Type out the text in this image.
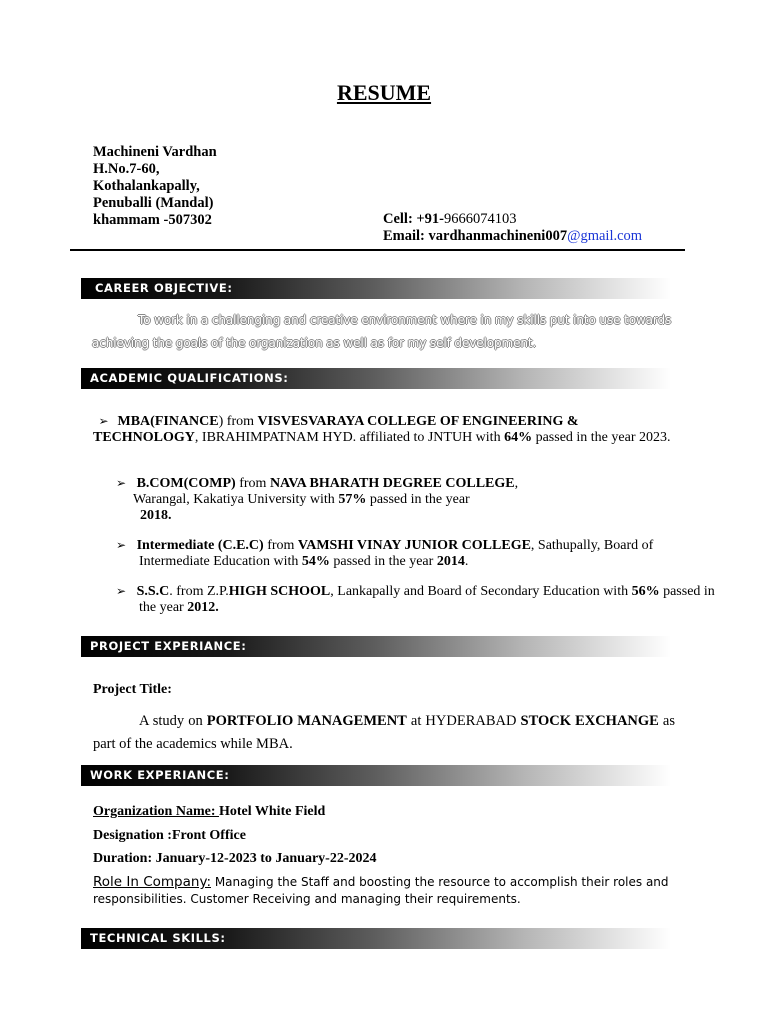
RESUME
Machineni Vardhan
H.No.7-60,
Kothalankapally,
Penuballi (Mandal)
khammam -507302	Cell: +91-9666074103
Email: vardhanmachineni007@gmail.com
CAREER OBJECTIVE:
To work in a challenging and creative environment where in my skills put into use towards achieving the goals of the organization as well as for my self development.
ACADEMIC QUALIFICATIONS:
➢ MBA(FINANCE) from VISVESVARAYA COLLEGE OF ENGINEERING & TECHNOLOGY, IBRAHIMPATNAM HYD. affiliated to JNTUH with 64% passed in the year 2023.
➢ B.COM(COMP) from NAVA BHARATH DEGREE COLLEGE,
Warangal, Kakatiya University with 57% passed in the year
2018.
➢ Intermediate (C.E.C) from VAMSHI VINAY JUNIOR COLLEGE, Sathupally, Board of Intermediate Education with 54% passed in the year 2014.
➢ S.S.C. from Z.P.HIGH SCHOOL, Lankapally and Board of Secondary Education with 56% passed in the year 2012.
PROJECT EXPERIANCE:
Project Title:
A study on PORTFOLIO MANAGEMENT at HYDERABAD STOCK EXCHANGE as part of the academics while MBA.
WORK EXPERIANCE:
Organization Name: Hotel White Field
Designation :Front Office
Duration: January-12-2023 to January-22-2024
Role In Company: Managing the Staff and boosting the resource to accomplish their roles and responsibilities. Customer Receiving and managing their requirements.
TECHNICAL SKILLS:
